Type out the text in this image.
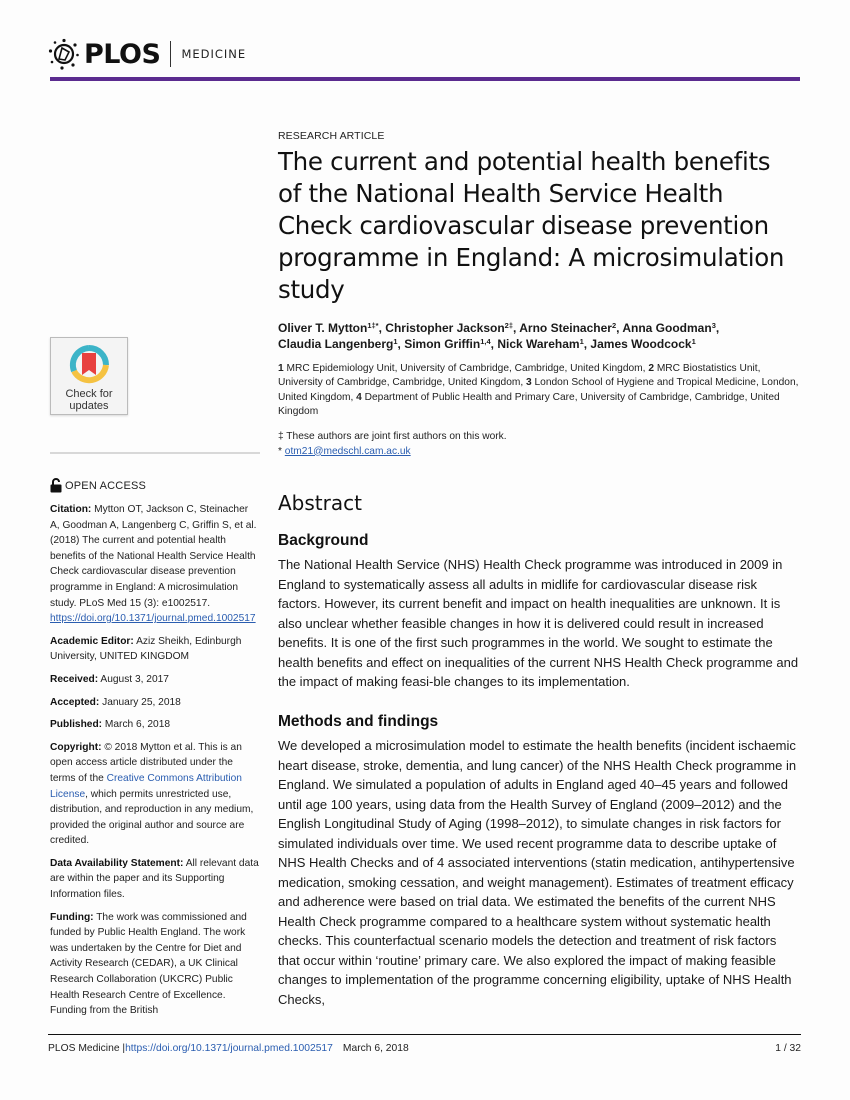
PLOS MEDICINE
Check for
updates
OPEN ACCESS
Citation: Mytton OT, Jackson C, Steinacher A, Goodman A, Langenberg C, Griffin S, et al. (2018) The current and potential health benefits of the National Health Service Health Check cardiovascular disease prevention programme in England: A microsimulation study. PLoS Med 15 (3): e1002517. https://doi.org/10.1371/journal.pmed.1002517
Academic Editor: Aziz Sheikh, Edinburgh University, UNITED KINGDOM
Received: August 3, 2017
Accepted: January 25, 2018
Published: March 6, 2018
Copyright: © 2018 Mytton et al. This is an open access article distributed under the terms of the Creative Commons Attribution License, which permits unrestricted use, distribution, and reproduction in any medium, provided the original author and source are credited.
Data Availability Statement: All relevant data are within the paper and its Supporting Information files.
Funding: The work was commissioned and funded by Public Health England. The work was undertaken by the Centre for Diet and Activity Research (CEDAR), a UK Clinical Research Collaboration (UKCRC) Public Health Research Centre of Excellence. Funding from the British
RESEARCH ARTICLE
The current and potential health benefits of the National Health Service Health Check cardiovascular disease prevention programme in England: A microsimulation study
Oliver T. Mytton$^{1\ddagger*}$, Christopher Jackson$^{2\ddagger}$, Arno Steinacher$^2$, Anna Goodman$^3$,
Claudia Langenberg$^1$, Simon Griffin$^{1,4}$, Nick Wareham$^1$, James Woodcock$^1$
1 MRC Epidemiology Unit, University of Cambridge, Cambridge, United Kingdom, 2 MRC Biostatistics Unit, University of Cambridge, Cambridge, United Kingdom, 3 London School of Hygiene and Tropical Medicine, London, United Kingdom, 4 Department of Public Health and Primary Care, University of Cambridge, Cambridge, United Kingdom
‡ These authors are joint first authors on this work.
* otm21@medschl.cam.ac.uk
Abstract
Background

The National Health Service (NHS) Health Check programme was introduced in 2009 in England to systematically assess all adults in midlife for cardiovascular disease risk factors. However, its current benefit and impact on health inequalities are unknown. It is also unclear whether feasible changes in how it is delivered could result in increased benefits. It is one of the first such programmes in the world. We sought to estimate the health benefits and effect on inequalities of the current NHS Health Check programme and the impact of making feasi-ble changes to its implementation.

Methods and findings

We developed a microsimulation model to estimate the health benefits (incident ischaemic heart disease, stroke, dementia, and lung cancer) of the NHS Health Check programme in England. We simulated a population of adults in England aged 40–45 years and followed until age 100 years, using data from the Health Survey of England (2009–2012) and the English Longitudinal Study of Aging (1998–2012), to simulate changes in risk factors for simulated individuals over time. We used recent programme data to describe uptake of NHS Health Checks and of 4 associated interventions (statin medication, antihypertensive medication, smoking cessation, and weight management). Estimates of treatment efficacy and adherence were based on trial data. We estimated the benefits of the current NHS Health Check programme compared to a healthcare system without systematic health checks. This counterfactual scenario models the detection and treatment of risk factors that occur within ‘routine’ primary care. We also explored the impact of making feasible changes to implementation of the programme concerning eligibility, uptake of NHS Health Checks,

PLOS Medicine | https://doi.org/10.1371/journal.pmed.1002517 March 6, 2018	1 / 32
